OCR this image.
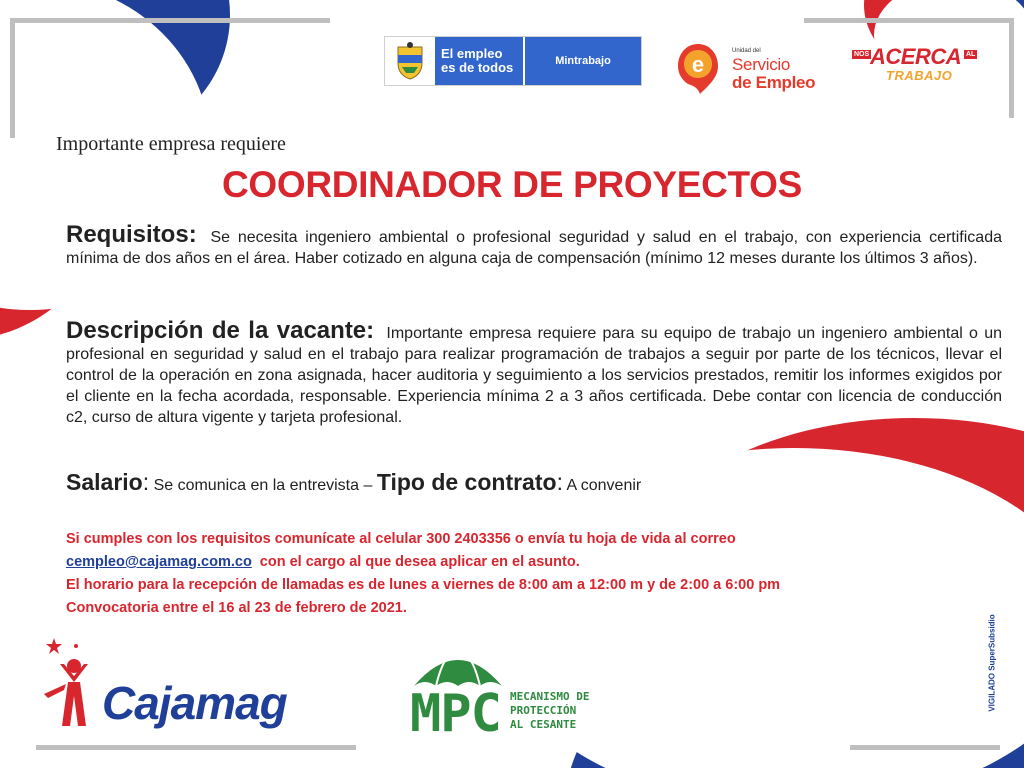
El empleo
es de todos	Mintrabajo	e
Unidad del
Servicio
de Empleo
NOS ACERCA AL
TRABAJO
Importante empresa requiere
COORDINADOR DE PROYECTOS
Requisitos: Se necesita ingeniero ambiental o profesional seguridad y salud en el trabajo, con experiencia certificada mínima de dos años en el área. Haber cotizado en alguna caja de compensación (mínimo 12 meses durante los últimos 3 años).
Descripción de la vacante: Importante empresa requiere para su equipo de trabajo un ingeniero ambiental o un profesional en seguridad y salud en el trabajo para realizar programación de trabajos a seguir por parte de los técnicos, llevar el control de la operación en zona asignada, hacer auditoria y seguimiento a los servicios prestados, remitir los informes exigidos por el cliente en la fecha acordada, responsable. Experiencia mínima 2 a 3 años certificada. Debe contar con licencia de conducción c2, curso de altura vigente y tarjeta profesional.
Salario: Se comunica en la entrevista – Tipo de contrato: A convenir
Si cumples con los requisitos comunícate al celular 300 2403356 o envía tu hoja de vida al correo
cempleo@cajamag.com.co con el cargo al que desea aplicar en el asunto.
El horario para la recepción de llamadas es de lunes a viernes de 8:00 am a 12:00 m y de 2:00 a 6:00 pm
Convocatoria entre el 16 al 23 de febrero de 2021.
Cajamag MPC MECANISMO DE
PROTECCIÓN
AL CESANTE
VIGILADO SuperSubsidio
